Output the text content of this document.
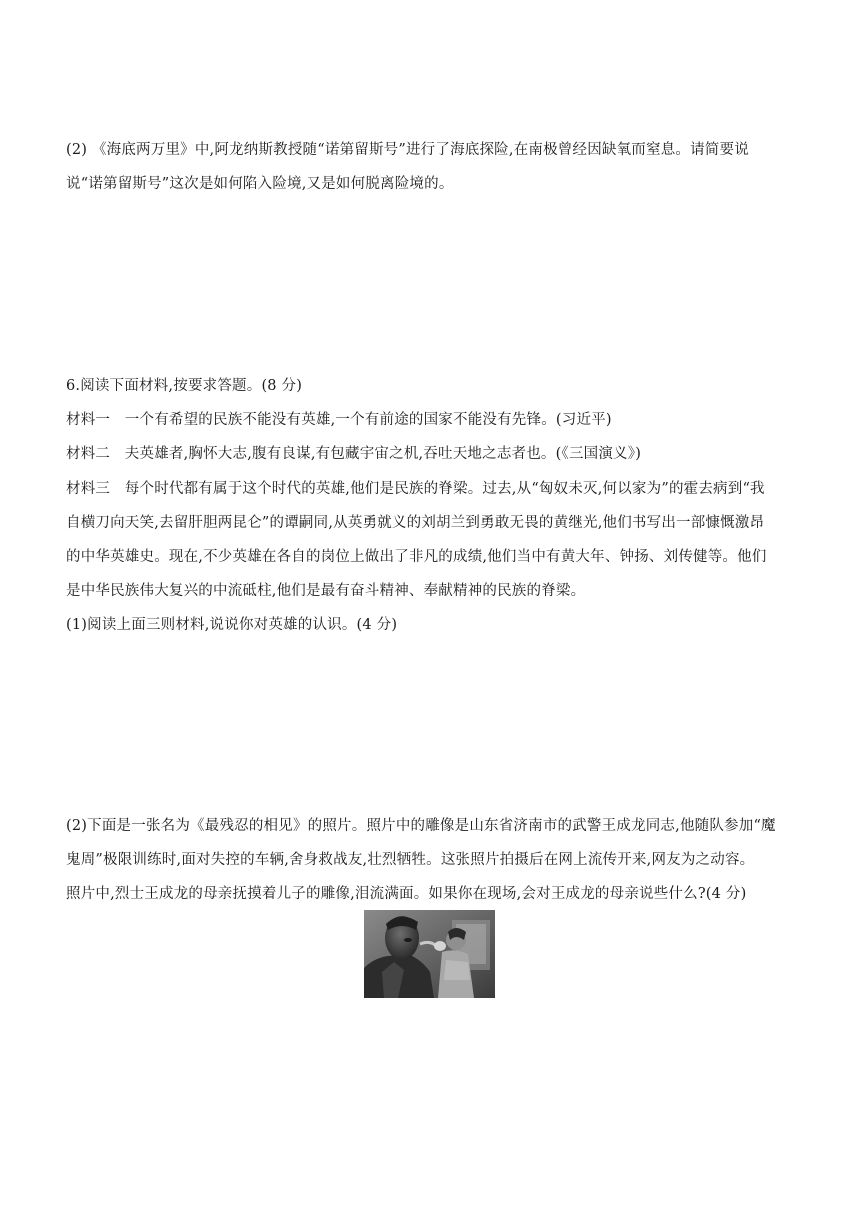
(2) 《海底两万里》中,阿龙纳斯教授随“诺第留斯号”进行了海底探险,在南极曾经因缺氧而窒息。请简要说
说“诺第留斯号”这次是如何陷入险境,又是如何脱离险境的。
6.阅读下面材料,按要求答题。(8 分)
材料一　一个有希望的民族不能没有英雄,一个有前途的国家不能没有先锋。(习近平)
材料二　夫英雄者,胸怀大志,腹有良谋,有包藏宇宙之机,吞吐天地之志者也。(《三国演义》)
材料三　每个时代都有属于这个时代的英雄,他们是民族的脊梁。过去,从“匈奴未灭,何以家为”的霍去病到“我
自横刀向天笑,去留肝胆两昆仑”的谭嗣同,从英勇就义的刘胡兰到勇敢无畏的黄继光,他们书写出一部慷慨激昂
的中华英雄史。现在,不少英雄在各自的岗位上做出了非凡的成绩,他们当中有黄大年、钟扬、刘传健等。他们
是中华民族伟大复兴的中流砥柱,他们是最有奋斗精神、奉献精神的民族的脊梁。
(1)阅读上面三则材料,说说你对英雄的认识。(4 分)
(2)下面是一张名为《最残忍的相见》的照片。照片中的雕像是山东省济南市的武警王成龙同志,他随队参加“魔
鬼周”极限训练时,面对失控的车辆,舍身救战友,壮烈牺牲。这张照片拍摄后在网上流传开来,网友为之动容。
照片中,烈士王成龙的母亲抚摸着儿子的雕像,泪流满面。如果你在现场,会对王成龙的母亲说些什么?(4 分)
